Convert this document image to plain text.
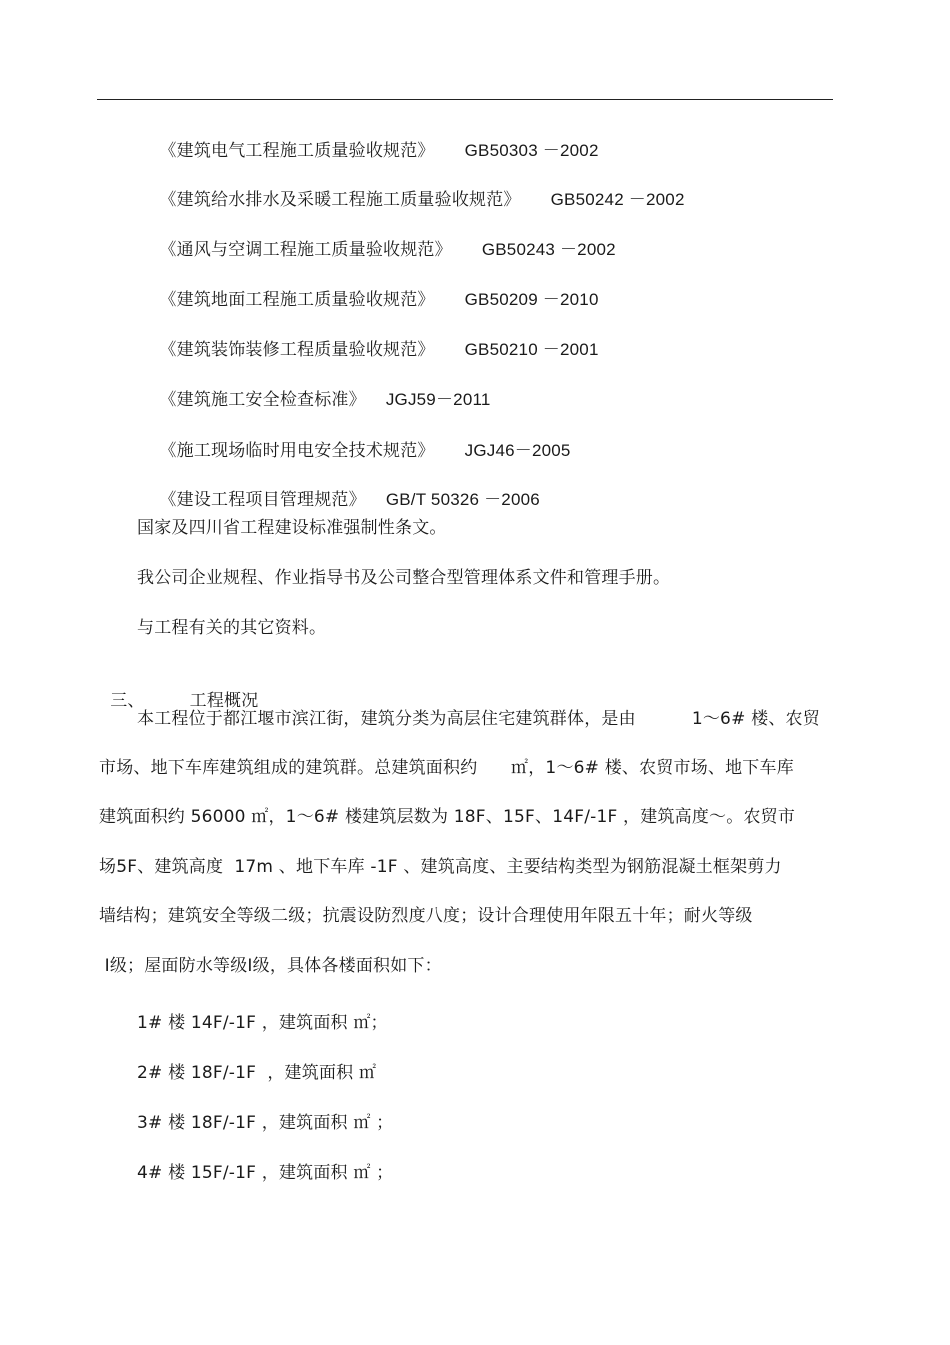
《建筑电气工程施工质量验收规范》 GB50303 －2002

《建筑给水排水及采暖工程施工质量验收规范》 GB50242 －2002

《通风与空调工程施工质量验收规范》 GB50243 －2002

《建筑地面工程施工质量验收规范》 GB50209 －2010

《建筑装饰装修工程质量验收规范》 GB50210 －2001

《建筑施工安全检查标准》 JGJ59－2011

《施工现场临时用电安全技术规范》 JGJ46－2005

《建设工程项目管理规范》 GB/T 50326 －2006

国家及四川省工程建设标准强制性条文。
我公司企业规程、作业指导书及公司整合型管理体系文件和管理手册。
与工程有关的其它资料。

三、	工程概况

本工程位于都江堰市滨江街，建筑分类为高层住宅建筑群体，是由          1～6# 楼、农贸
市场、地下车库建筑组成的建筑群。总建筑面积约      ㎡，1～6# 楼、农贸市场、地下车库
建筑面积约 56000 ㎡，1～6# 楼建筑层数为 18F、15F、14F/-1F ，建筑高度～。农贸市
场5F、建筑高度  17m 、地下车库 -1F 、建筑高度、主要结构类型为钢筋混凝土框架剪力
墙结构；建筑安全等级二级；抗震设防烈度八度；设计合理使用年限五十年；耐火等级
Ⅰ级；屋面防水等级Ⅰ级，具体各楼面积如下：
1# 楼 14F/-1F ，建筑面积 ㎡；
2# 楼 18F/-1F  ，建筑面积 ㎡
3# 楼 18F/-1F ，建筑面积 ㎡ ；
4# 楼 15F/-1F ，建筑面积 ㎡ ；
